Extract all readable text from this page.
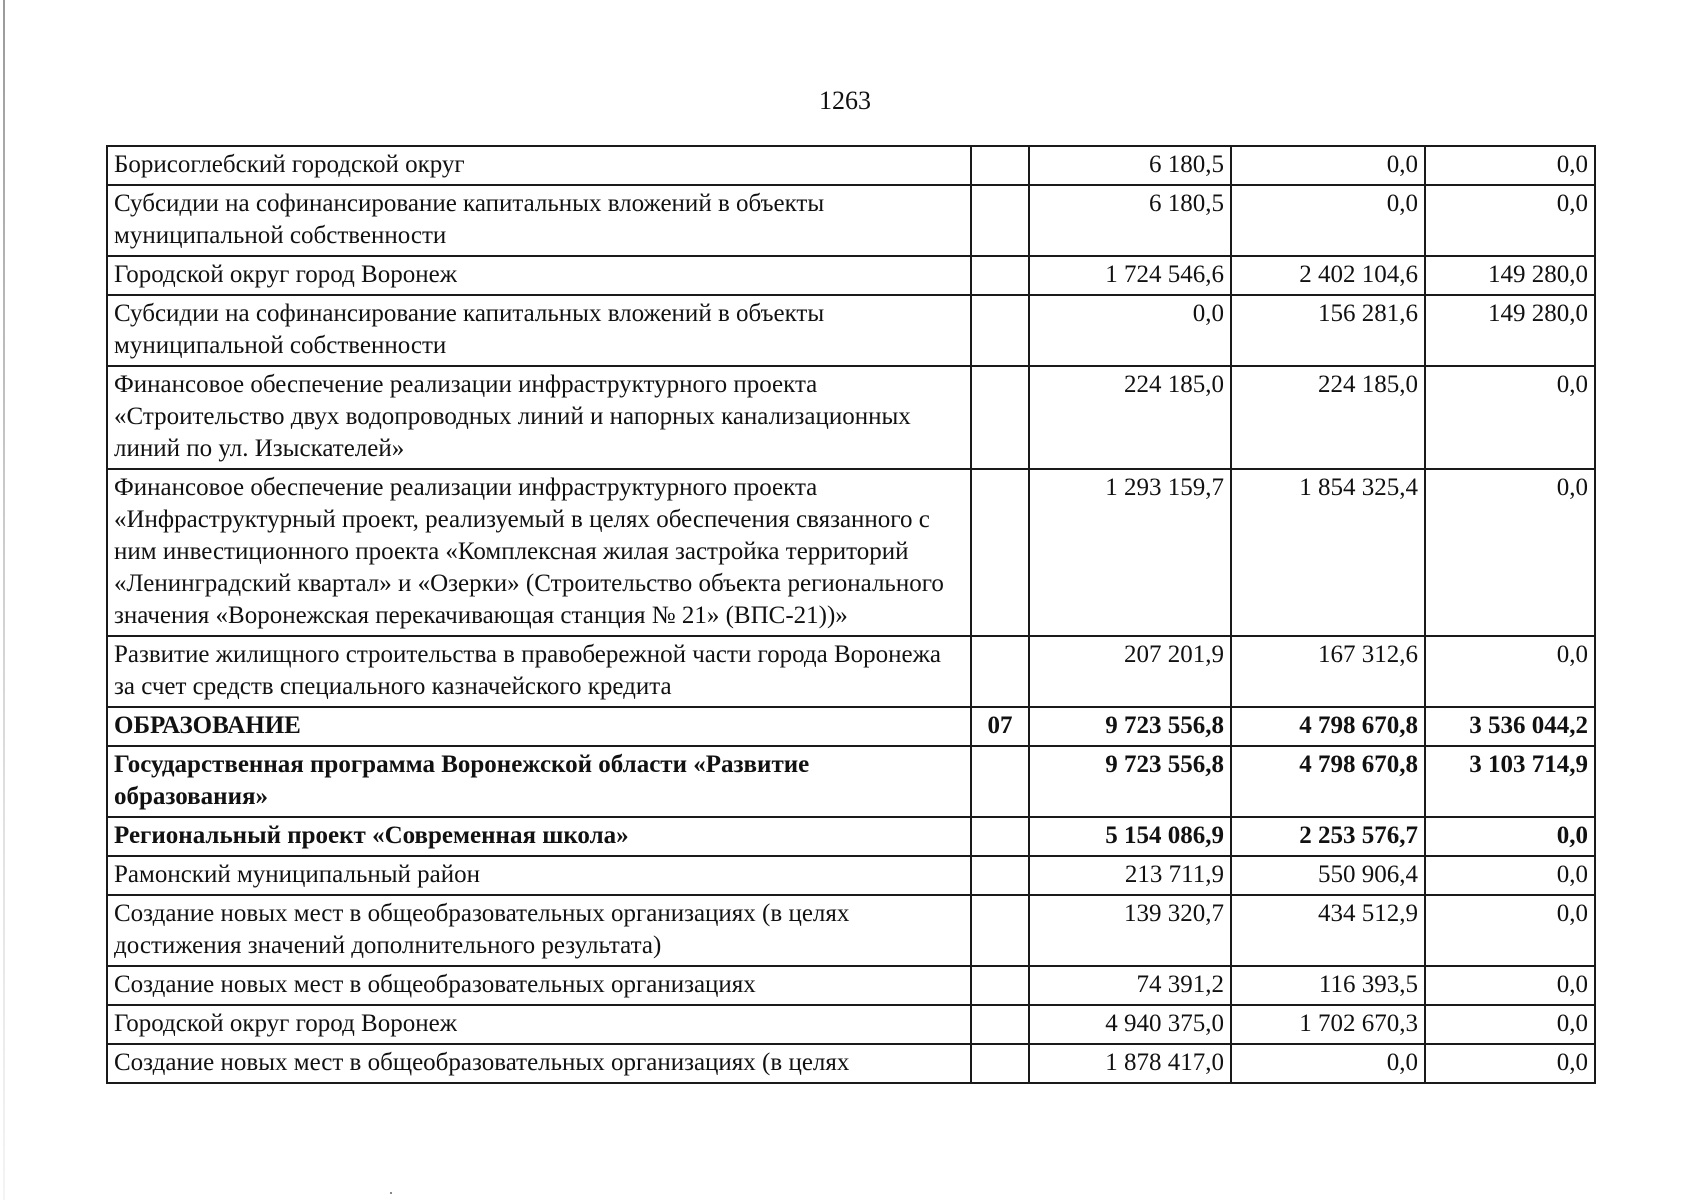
1263
Борисоглебский городской округ		6 180,5	0,0	0,0
Субсидии на софинансирование капитальных вложений в объекты муниципальной собственности		6 180,5	0,0	0,0
Городской округ город Воронеж		1 724 546,6	2 402 104,6	149 280,0
Субсидии на софинансирование капитальных вложений в объекты муниципальной собственности		0,0	156 281,6	149 280,0
Финансовое обеспечение реализации инфраструктурного проекта «Строительство двух водопроводных линий и напорных канализационных линий по ул. Изыскателей»		224 185,0	224 185,0	0,0
Финансовое обеспечение реализации инфраструктурного проекта «Инфраструктурный проект, реализуемый в целях обеспечения связанного с ним инвестиционного проекта «Комплексная жилая застройка территорий «Ленинградский квартал» и «Озерки» (Строительство объекта регионального значения «Воронежская перекачивающая станция № 21» (ВПС-21))»		1 293 159,7	1 854 325,4	0,0
Развитие жилищного строительства в правобережной части города Воронежа за счет средств специального казначейского кредита		207 201,9	167 312,6	0,0
ОБРАЗОВАНИЕ	07	9 723 556,8	4 798 670,8	3 536 044,2
Государственная программа Воронежской области «Развитие образования»		9 723 556,8	4 798 670,8	3 103 714,9
Региональный проект «Современная школа»		5 154 086,9	2 253 576,7	0,0
Рамонский муниципальный район		213 711,9	550 906,4	0,0
Создание новых мест в общеобразовательных организациях (в целях достижения значений дополнительного результата)		139 320,7	434 512,9	0,0
Создание новых мест в общеобразовательных организациях		74 391,2	116 393,5	0,0
Городской округ город Воронеж		4 940 375,0	1 702 670,3	0,0
Создание новых мест в общеобразовательных организациях (в целях		1 878 417,0	0,0	0,0
